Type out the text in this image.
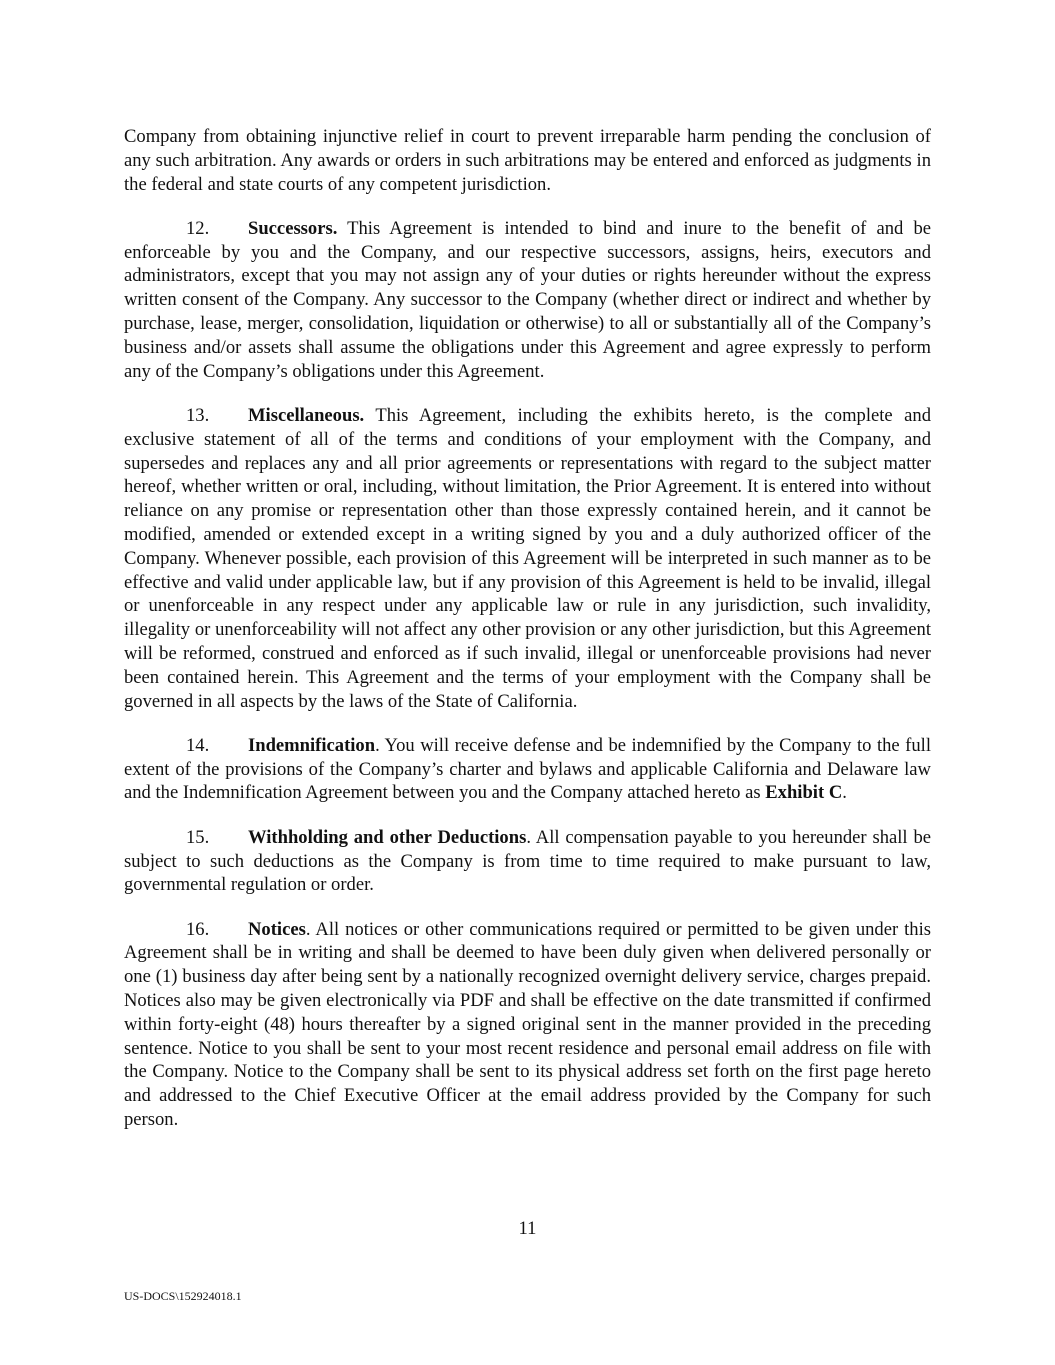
Company from obtaining injunctive relief in court to prevent irreparable harm pending the conclusion of any such arbitration. Any awards or orders in such arbitrations may be entered and enforced as judgments in the federal and state courts of any competent jurisdiction.

12. Successors. This Agreement is intended to bind and inure to the benefit of and be enforceable by you and the Company, and our respective successors, assigns, heirs, executors and administrators, except that you may not assign any of your duties or rights hereunder without the express written consent of the Company. Any successor to the Company (whether direct or indirect and whether by purchase, lease, merger, consolidation, liquidation or otherwise) to all or substantially all of the Company’s business and/or assets shall assume the obligations under this Agreement and agree expressly to perform any of the Company’s obligations under this Agreement.

13. Miscellaneous. This Agreement, including the exhibits hereto, is the complete and exclusive statement of all of the terms and conditions of your employment with the Company, and supersedes and replaces any and all prior agreements or representations with regard to the subject matter hereof, whether written or oral, including, without limitation, the Prior Agreement. It is entered into without reliance on any promise or representation other than those expressly contained herein, and it cannot be modified, amended or extended except in a writing signed by you and a duly authorized officer of the Company. Whenever possible, each provision of this Agreement will be interpreted in such manner as to be effective and valid under applicable law, but if any provision of this Agreement is held to be invalid, illegal or unenforceable in any respect under any applicable law or rule in any jurisdiction, such invalidity, illegality or unenforceability will not affect any other provision or any other jurisdiction, but this Agreement will be reformed, construed and enforced as if such invalid, illegal or unenforceable provisions had never been contained herein. This Agreement and the terms of your employment with the Company shall be governed in all aspects by the laws of the State of California.

14. Indemnification. You will receive defense and be indemnified by the Company to the full extent of the provisions of the Company’s charter and bylaws and applicable California and Delaware law and the Indemnification Agreement between you and the Company attached hereto as Exhibit C.

15. Withholding and other Deductions. All compensation payable to you hereunder shall be subject to such deductions as the Company is from time to time required to make pursuant to law, governmental regulation or order.

16. Notices. All notices or other communications required or permitted to be given under this Agreement shall be in writing and shall be deemed to have been duly given when delivered personally or one (1) business day after being sent by a nationally recognized overnight delivery service, charges prepaid. Notices also may be given electronically via PDF and shall be effective on the date transmitted if confirmed within forty-eight (48) hours thereafter by a signed original sent in the manner provided in the preceding sentence. Notice to you shall be sent to your most recent residence and personal email address on file with the Company. Notice to the Company shall be sent to its physical address set forth on the first page hereto and addressed to the Chief Executive Officer at the email address provided by the Company for such person.

11
US-DOCS\152924018.1
